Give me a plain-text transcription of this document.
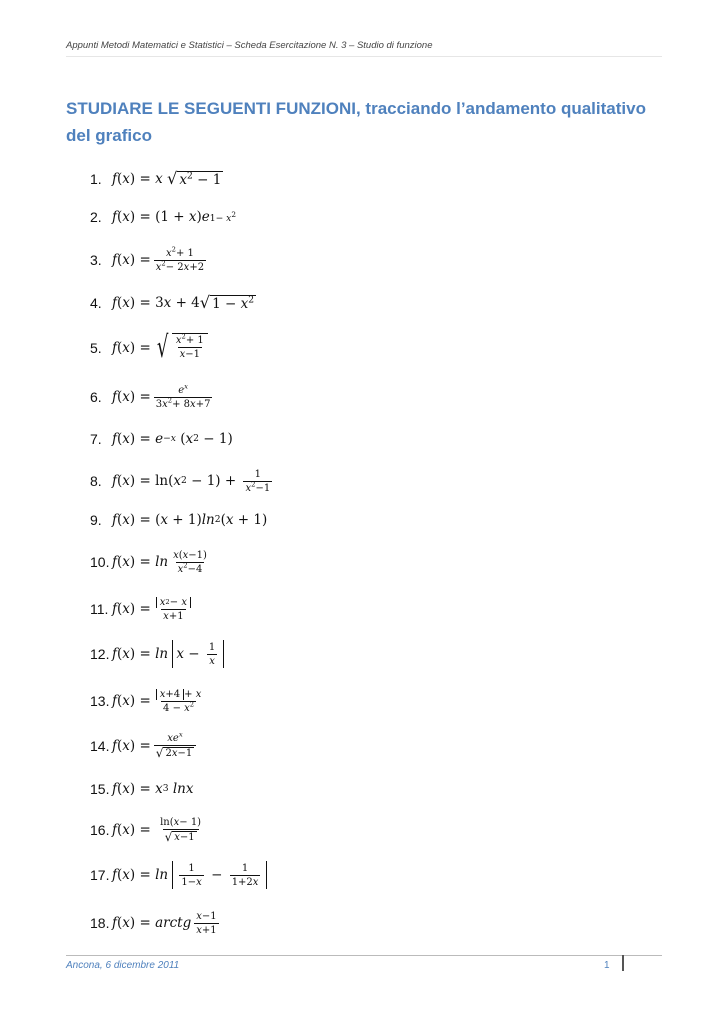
Appunti Metodi Matematici e Statistici – Scheda Esercitazione N. 3 – Studio di funzione
STUDIARE LE SEGUENTI FUNZIONI, tracciando l’andamento qualitativo del grafico
1. f ( x ) = x
√ $x^2 - 1$
2. f ( x ) = (1 + x ) e $1- x^2$
3. f ( x ) = $\frac{x^2+ 1}{x^2- 2x+2}$
4. f ( x ) = 3 x + 4 √ $1 - x^2$
5. f ( x ) = √ $\frac{x^2+ 1}{x-1}$
6. f ( x ) = $\frac{e^x}{3x^2+ 8x+7}$
7. f ( x ) = e −x ( x 2 − 1)
8. f ( x ) = ln( x $2 - 1) + \frac{1}{x^2-1}$
9. f ( x ) = ( x + 1) ln 2 ( x + 1)
10. f ( x ) = $\ln \frac{x(x-1)}{x^2-4}$
11. f ( x ) = $\frac{x 2 - x}{x+1}$
12. f ( x ) = ln
$x - \frac{1}{x}$
13. f ( x ) = $\frac{x +4 + x}{4 - x^2}$
14. f ( x ) = $\frac{xe^x}{√ 2x-1}$
15. f ( x ) = x 3
lnx
16. f ( x ) = $\frac{\ln(x- 1)}{√ x-1}$
17. f ( x ) = ln
$\frac{1}{1-x} - \frac{1}{1+2x}$
18. f ( x ) = arctg $\frac{x-1}{x+1}$
Ancona, 6 dicembre 2011	1
